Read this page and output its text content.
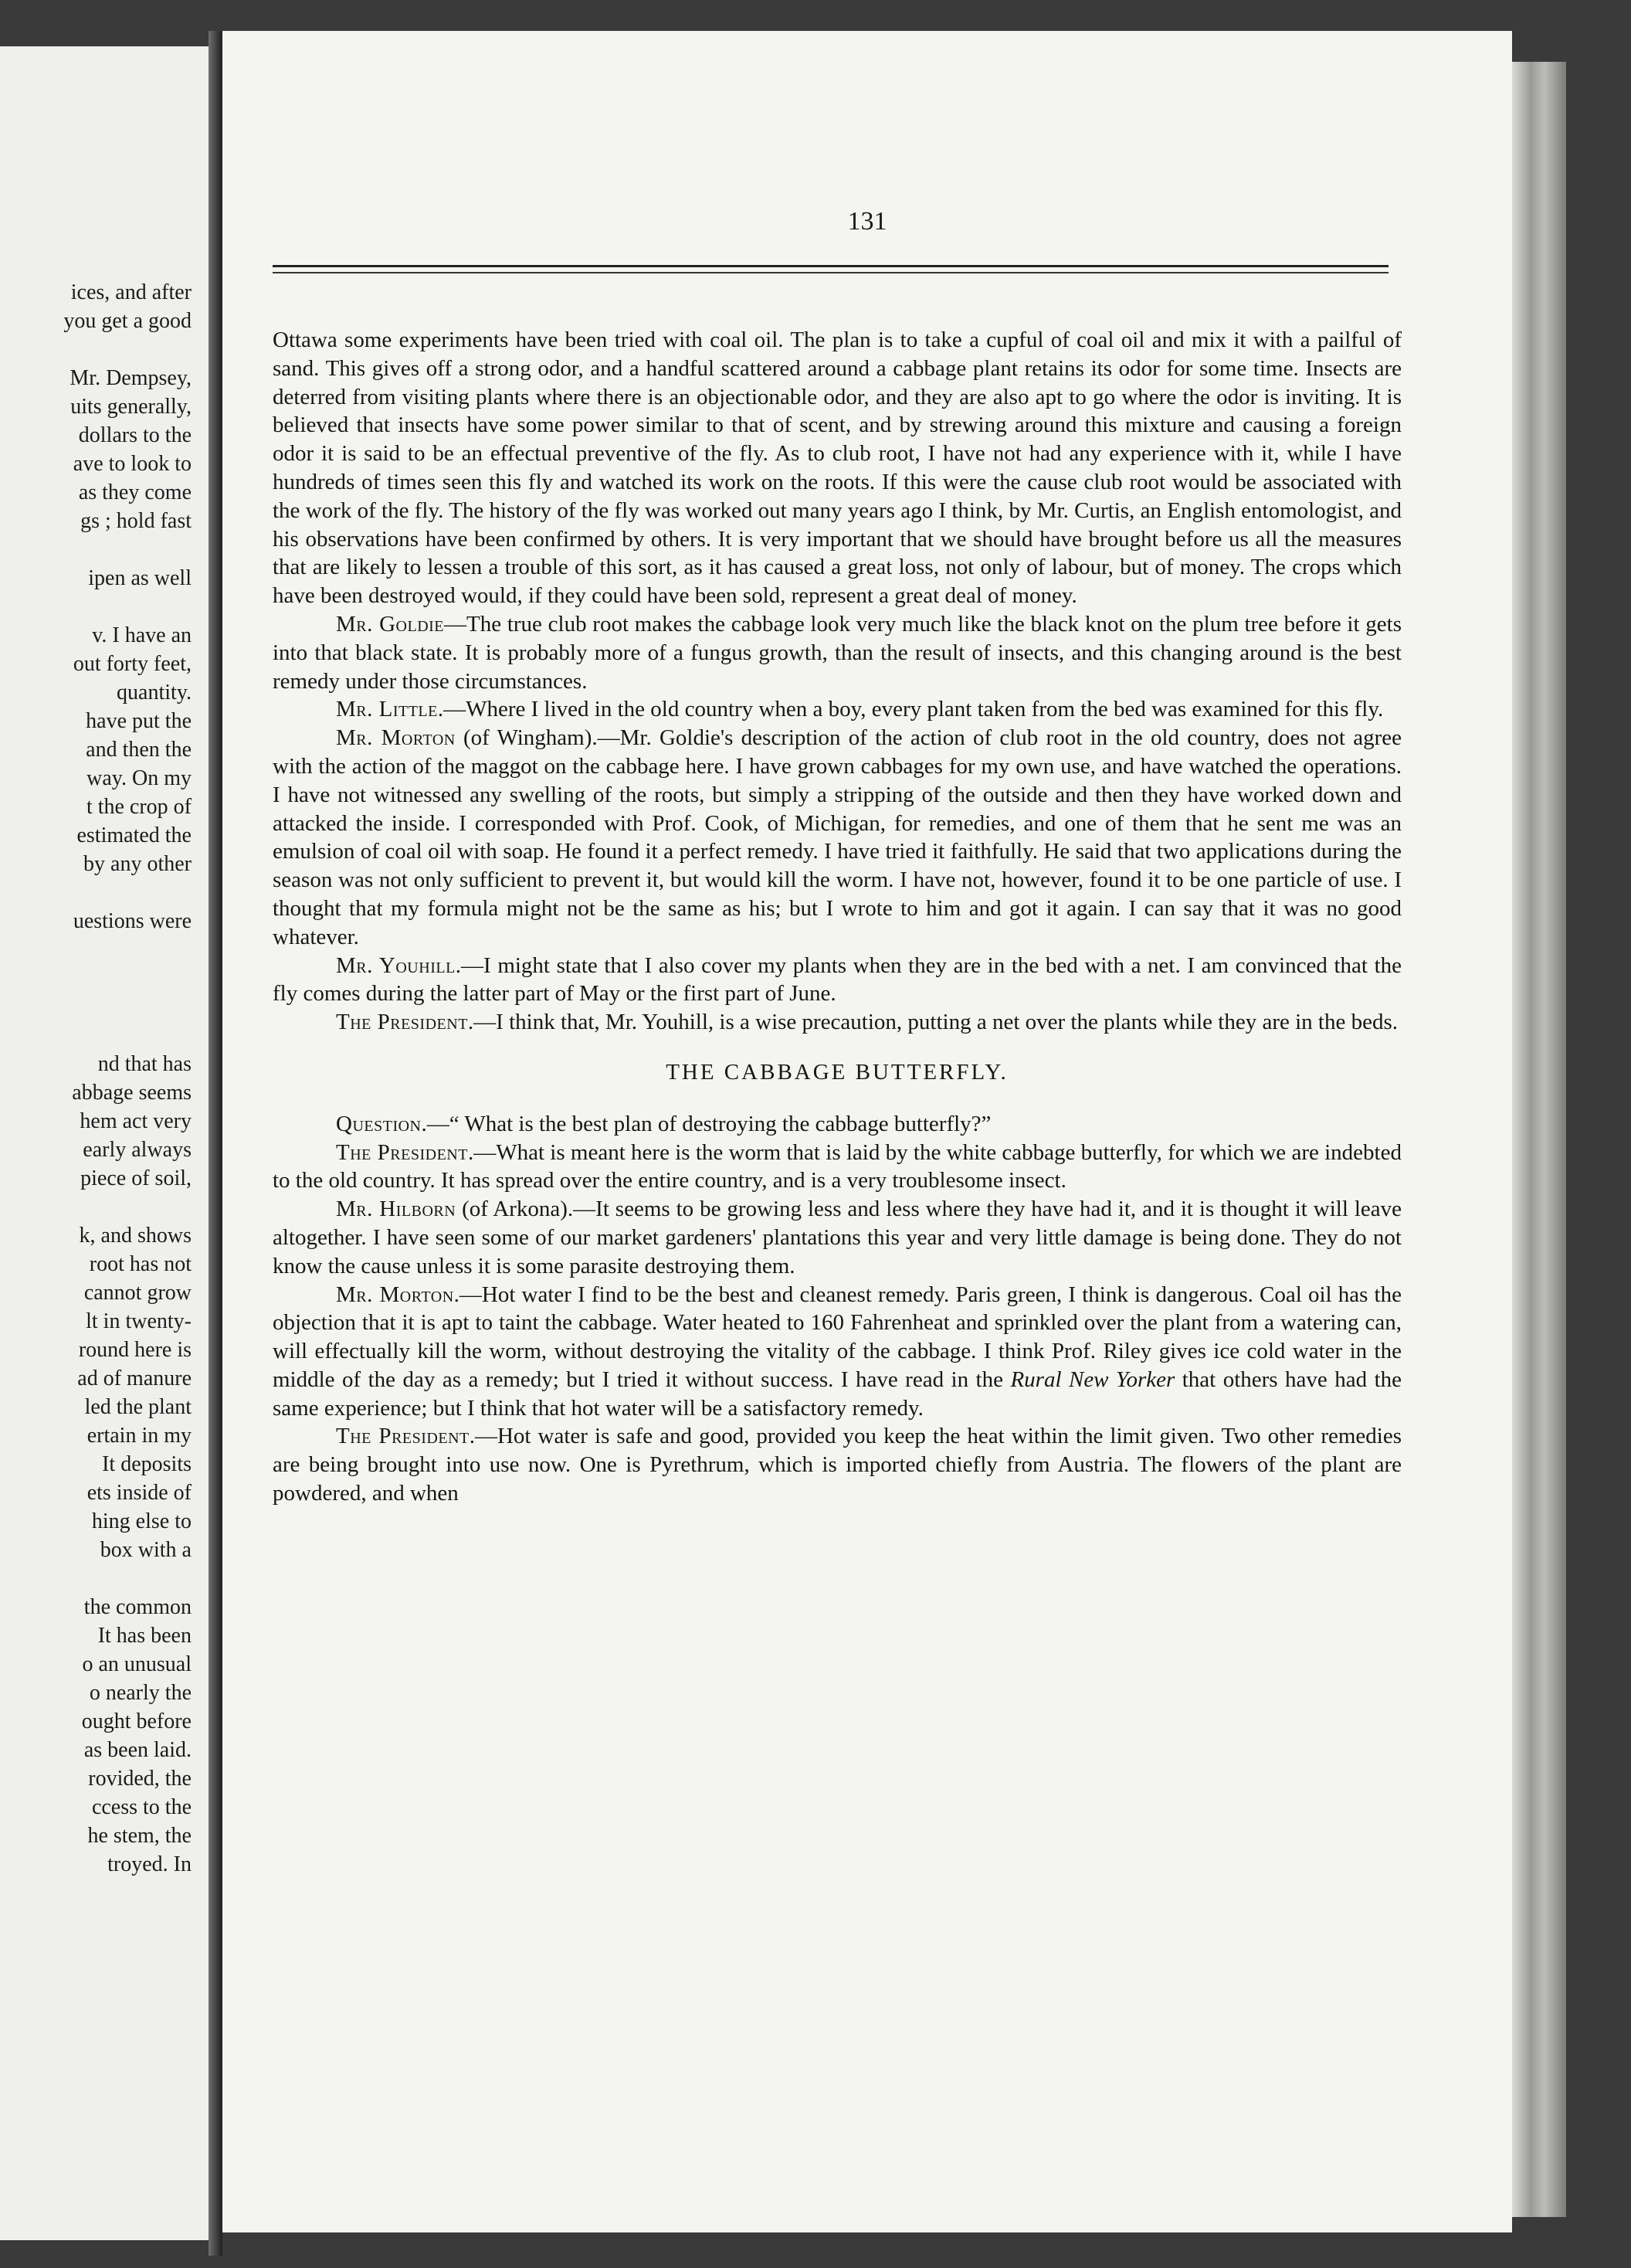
ices, and after
you get a good
Mr. Dempsey,
uits generally,
dollars to the
ave to look to
as they come
gs ; hold fast
ipen as well
v. I have an
out forty feet,
quantity.
have put the
and then the
way. On my
t the crop of
estimated the
by any other
uestions were
nd that has
abbage seems
hem act very
early always
piece of soil,
k, and shows
root has not
cannot grow
lt in twenty-
round here is
ad of manure
led the plant
ertain in my
It deposits
ets inside of
hing else to
box with a
the common
It has been
o an unusual
o nearly the
ought before
as been laid.
rovided, the
ccess to the
he stem, the
troyed. In
131

Ottawa some experiments have been tried with coal oil. The plan is to take a cupful of coal oil and mix it with a pailful of sand. This gives off a strong odor, and a handful scattered around a cabbage plant retains its odor for some time. Insects are deterred from visiting plants where there is an objectionable odor, and they are also apt to go where the odor is inviting. It is believed that insects have some power similar to that of scent, and by strewing around this mixture and causing a foreign odor it is said to be an effectual preventive of the fly. As to club root, I have not had any experience with it, while I have hundreds of times seen this fly and watched its work on the roots. If this were the cause club root would be associated with the work of the fly. The history of the fly was worked out many years ago I think, by Mr. Curtis, an English entomologist, and his observations have been confirmed by others. It is very important that we should have brought before us all the measures that are likely to lessen a trouble of this sort, as it has caused a great loss, not only of labour, but of money. The crops which have been destroyed would, if they could have been sold, represent a great deal of money.

Mr. Goldie—The true club root makes the cabbage look very much like the black knot on the plum tree before it gets into that black state. It is probably more of a fungus growth, than the result of insects, and this changing around is the best remedy under those circumstances.

Mr. Little.—Where I lived in the old country when a boy, every plant taken from the bed was examined for this fly.

Mr. Morton (of Wingham).—Mr. Goldie's description of the action of club root in the old country, does not agree with the action of the maggot on the cabbage here. I have grown cabbages for my own use, and have watched the operations. I have not witnessed any swelling of the roots, but simply a stripping of the outside and then they have worked down and attacked the inside. I corresponded with Prof. Cook, of Michigan, for remedies, and one of them that he sent me was an emulsion of coal oil with soap. He found it a perfect remedy. I have tried it faithfully. He said that two applications during the season was not only sufficient to prevent it, but would kill the worm. I have not, however, found it to be one particle of use. I thought that my formula might not be the same as his; but I wrote to him and got it again. I can say that it was no good whatever.

Mr. Youhill.—I might state that I also cover my plants when they are in the bed with a net. I am convinced that the fly comes during the latter part of May or the first part of June.

The President.—I think that, Mr. Youhill, is a wise precaution, putting a net over the plants while they are in the beds.

THE CABBAGE BUTTERFLY.

Question.—“ What is the best plan of destroying the cabbage butterfly?”

The President.—What is meant here is the worm that is laid by the white cabbage butterfly, for which we are indebted to the old country. It has spread over the entire country, and is a very troublesome insect.

Mr. Hilborn (of Arkona).—It seems to be growing less and less where they have had it, and it is thought it will leave altogether. I have seen some of our market gardeners' plantations this year and very little damage is being done. They do not know the cause unless it is some parasite destroying them.

Mr. Morton.—Hot water I find to be the best and cleanest remedy. Paris green, I think is dangerous. Coal oil has the objection that it is apt to taint the cabbage. Water heated to 160 Fahrenheat and sprinkled over the plant from a watering can, will effectually kill the worm, without destroying the vitality of the cabbage. I think Prof. Riley gives ice cold water in the middle of the day as a remedy; but I tried it without success. I have read in the Rural New Yorker that others have had the same experience; but I think that hot water will be a satisfactory remedy.

The President.—Hot water is safe and good, provided you keep the heat within the limit given. Two other remedies are being brought into use now. One is Pyrethrum, which is imported chiefly from Austria. The flowers of the plant are powdered, and when
